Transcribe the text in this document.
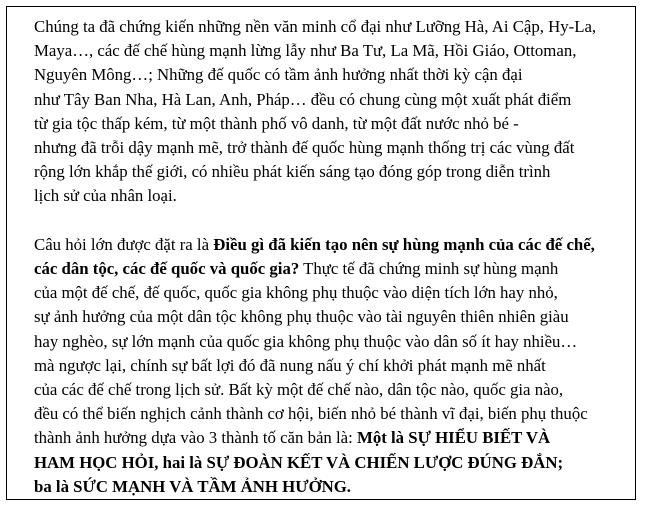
Chúng ta đã chứng kiến những nền văn minh cổ đại như Lưỡng Hà, Ai Cập, Hy-La,
Maya…, các đế chế hùng mạnh lừng lẫy như Ba Tư, La Mã, Hồi Giáo, Ottoman,
Nguyên Mông…; Những đế quốc có tầm ảnh hưởng nhất thời kỳ cận đại
như Tây Ban Nha, Hà Lan, Anh, Pháp… đều có chung cùng một xuất phát điểm
từ gia tộc thấp kém, từ một thành phố vô danh, từ một đất nước nhỏ bé -
nhưng đã trỗi dậy mạnh mẽ, trở thành đế quốc hùng mạnh thống trị các vùng đất
rộng lớn khắp thế giới, có nhiều phát kiến sáng tạo đóng góp trong diễn trình
lịch sử của nhân loại.

Câu hỏi lớn được đặt ra là Điều gì đã kiến tạo nên sự hùng mạnh của các đế chế,
các dân tộc, các đế quốc và quốc gia? Thực tế đã chứng minh sự hùng mạnh
của một đế chế, đế quốc, quốc gia không phụ thuộc vào diện tích lớn hay nhỏ,
sự ảnh hưởng của một dân tộc không phụ thuộc vào tài nguyên thiên nhiên giàu
hay nghèo, sự lớn mạnh của quốc gia không phụ thuộc vào dân số ít hay nhiều…
mà ngược lại, chính sự bất lợi đó đã nung nấu ý chí khởi phát mạnh mẽ nhất
của các đế chế trong lịch sử. Bất kỳ một đế chế nào, dân tộc nào, quốc gia nào,
đều có thể biến nghịch cảnh thành cơ hội, biến nhỏ bé thành vĩ đại, biến phụ thuộc
thành ảnh hưởng dựa vào 3 thành tố căn bản là: Một là SỰ HIỂU BIẾT VÀ
HAM HỌC HỎI, hai là SỰ ĐOÀN KẾT VÀ CHIẾN LƯỢC ĐÚNG ĐẮN;
ba là SỨC MẠNH VÀ TẦM ẢNH HƯỞNG.
